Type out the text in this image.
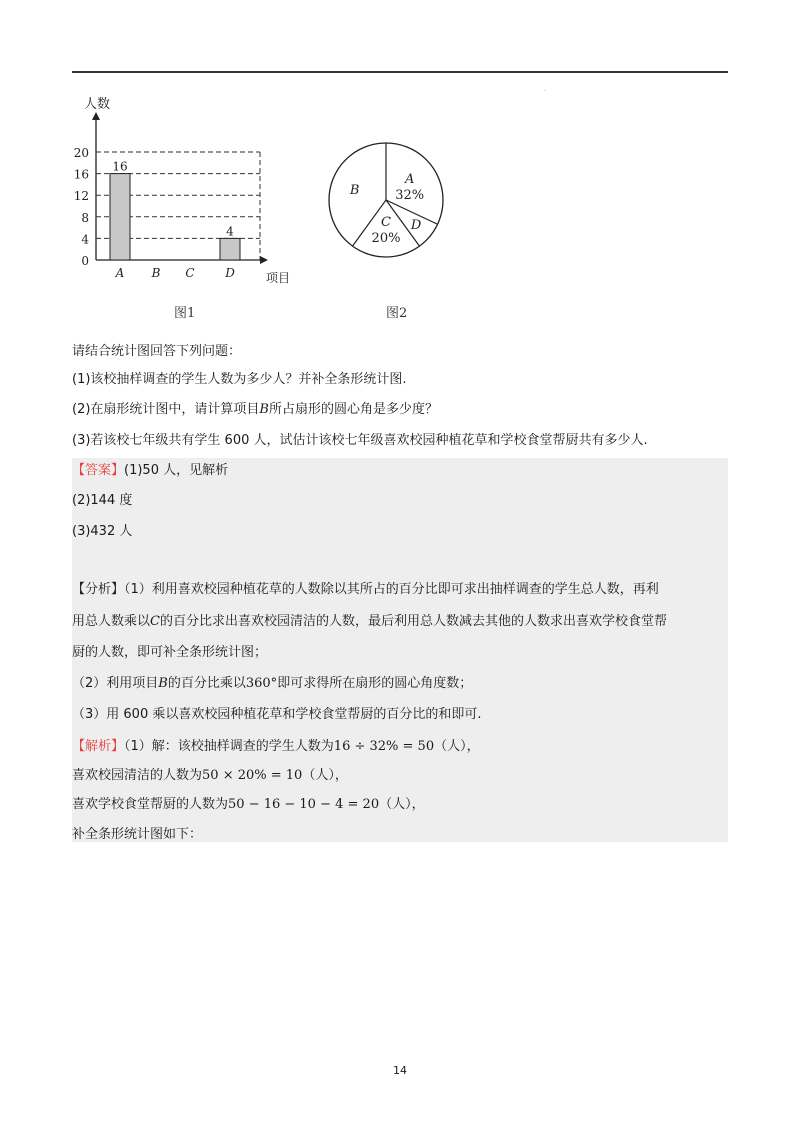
·
人数
项目
0
4
8
12
16
20
16
A B C
4
D
A
32%
D
C
20%
B
图1	图2
请结合统计图回答下列问题：
(1)该校抽样调查的学生人数为多少人？并补全条形统计图.
(2)在扇形统计图中，请计算项目B所占扇形的圆心角是多少度？
(3)若该校七年级共有学生 600 人，试估计该校七年级喜欢校园种植花草和学校食堂帮厨共有多少人.
【答案】(1)50 人，见解析
(2)144 度
(3)432 人
【分析】（1）利用喜欢校园种植花草的人数除以其所占的百分比即可求出抽样调查的学生总人数，再利
用总人数乘以C的百分比求出喜欢校园清洁的人数，最后利用总人数减去其他的人数求出喜欢学校食堂帮
厨的人数，即可补全条形统计图；
（2）利用项目B的百分比乘以360°即可求得所在扇形的圆心角度数；
（3）用 600 乘以喜欢校园种植花草和学校食堂帮厨的百分比的和即可.
【解析】（1）解：该校抽样调查的学生人数为16 ÷ 32% = 50（人），
喜欢校园清洁的人数为50 × 20% = 10（人），
喜欢学校食堂帮厨的人数为50 − 16 − 10 − 4 = 20（人），
补全条形统计图如下：
14
